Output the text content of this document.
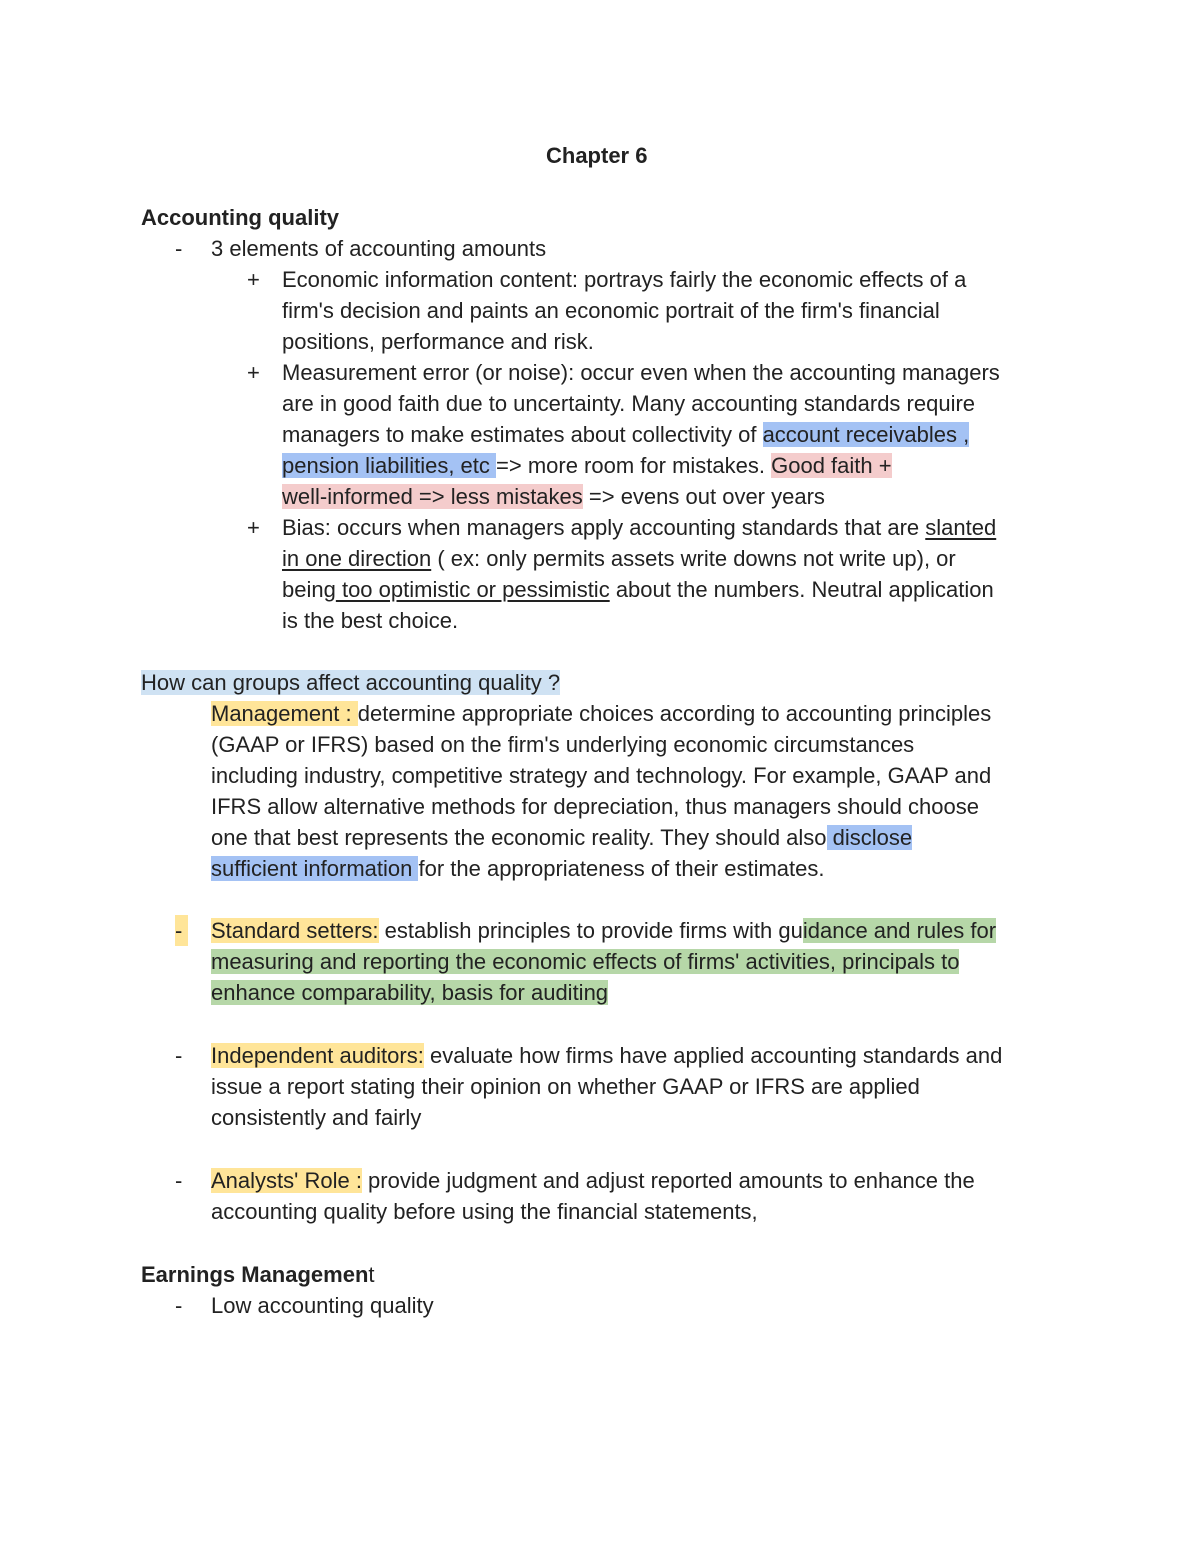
Chapter 6
Accounting quality
- 3 elements of accounting amounts
+ Economic information content: portrays fairly the economic effects of a
firm's decision and paints an economic portrait of the firm's financial
positions, performance and risk.
+ Measurement error (or noise): occur even when the accounting managers
are in good faith due to uncertainty. Many accounting standards require
managers to make estimates about collectivity of account receivables ,
pension liabilities, etc => more room for mistakes. Good faith +
well-informed => less mistakes => evens out over years
+ Bias: occurs when managers apply accounting standards that are slanted
in one direction ( ex: only permits assets write downs not write up), or
being too optimistic or pessimistic about the numbers. Neutral application
is the best choice.
How can groups affect accounting quality ?
Management : determine appropriate choices according to accounting principles
(GAAP or IFRS) based on the firm's underlying economic circumstances
including industry, competitive strategy and technology. For example, GAAP and
IFRS allow alternative methods for depreciation, thus managers should choose
one that best represents the economic reality. They should also disclose
sufficient information for the appropriateness of their estimates.
- Standard setters: establish principles to provide firms with guidance and rules for
measuring and reporting the economic effects of firms' activities, principals to
enhance comparability, basis for auditing
- Independent auditors: evaluate how firms have applied accounting standards and
issue a report stating their opinion on whether GAAP or IFRS are applied
consistently and fairly
- Analysts' Role : provide judgment and adjust reported amounts to enhance the
accounting quality before using the financial statements,
Earnings Management
- Low accounting quality
